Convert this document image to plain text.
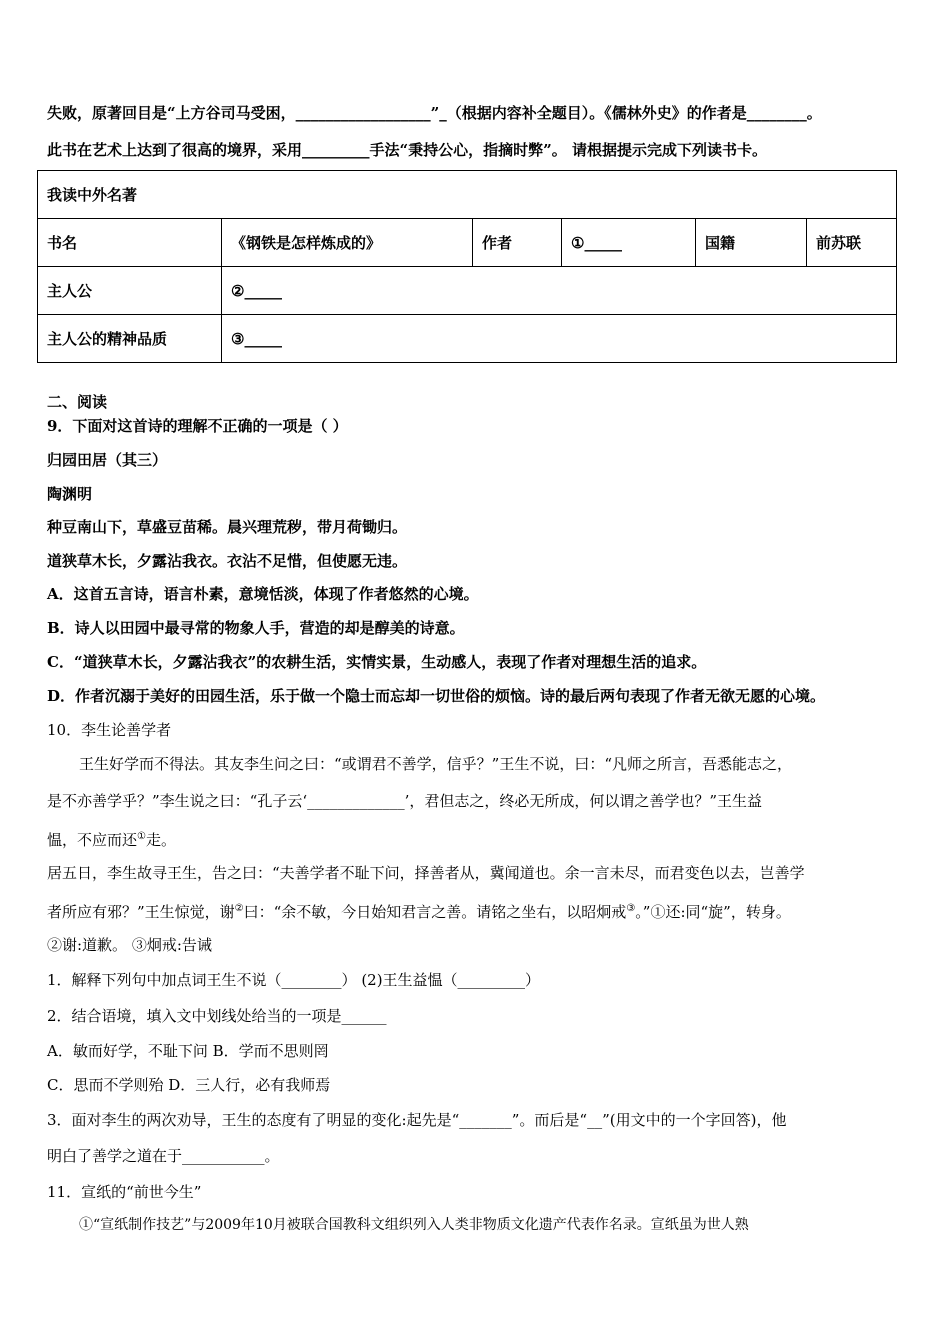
失败，原著回目是“上方谷司马受困，__________________”_（根据内容补全题目）。《儒林外史》的作者是________。
此书在艺术上达到了很高的境界，采用_________手法“秉持公心，指摘时弊”。 请根据提示完成下列读书卡。
我读中外名著					
书名	《钢铁是怎样炼成的》	作者	①_____	国籍	前苏联
主人公	②_____				
主人公的精神品质	③_____				
二、阅读
9．下面对这首诗的理解不正确的一项是（ ）
归园田居（其三）
陶渊明
种豆南山下，草盛豆苗稀。晨兴理荒秽，带月荷锄归。
道狭草木长，夕露沾我衣。衣沾不足惜，但使愿无违。
A．这首五言诗，语言朴素，意境恬淡，体现了作者悠然的心境。
B．诗人以田园中最寻常的物象人手，营造的却是醇美的诗意。
C．“道狭草木长，夕露沾我衣”的农耕生活，实情实景，生动感人，表现了作者对理想生活的追求。
D．作者沉溺于美好的田园生活，乐于做一个隐士而忘却一切世俗的烦恼。诗的最后两句表现了作者无欲无愿的心境。
10．李生论善学者
王生好学而不得法。其友李生问之曰：“或谓君不善学，信乎？”王生不说，曰：“凡师之所言，吾悉能志之，
是不亦善学乎？”李生说之曰：“孔子云‘_____________’，君但志之，终必无所成，何以谓之善学也？”王生益
愠，不应而还①走。
居五日，李生故寻王生，告之曰：“夫善学者不耻下问，择善者从，冀闻道也。余一言未尽，而君变色以去，岂善学
者所应有邪？”王生惊觉，谢②曰：“余不敏，今日始知君言之善。请铭之坐右，以昭炯戒③。”①还:同“旋”，转身。
②谢:道歉。 ③炯戒:告诫
1．解释下列句中加点词王生不说（________） (2)王生益愠（_________）
2．结合语境，填入文中划线处给当的一项是______
A．敏而好学，不耻下问 B．学而不思则罔
C．思而不学则殆 D．三人行，必有我师焉
3．面对李生的两次劝导，王生的态度有了明显的变化:起先是“_______”。而后是“__”(用文中的一个字回答)，他
明白了善学之道在于___________。
11．宣纸的“前世今生”
①“宣纸制作技艺”与2009年10月被联合国教科文组织列入人类非物质文化遗产代表作名录。宣纸虽为世人熟
